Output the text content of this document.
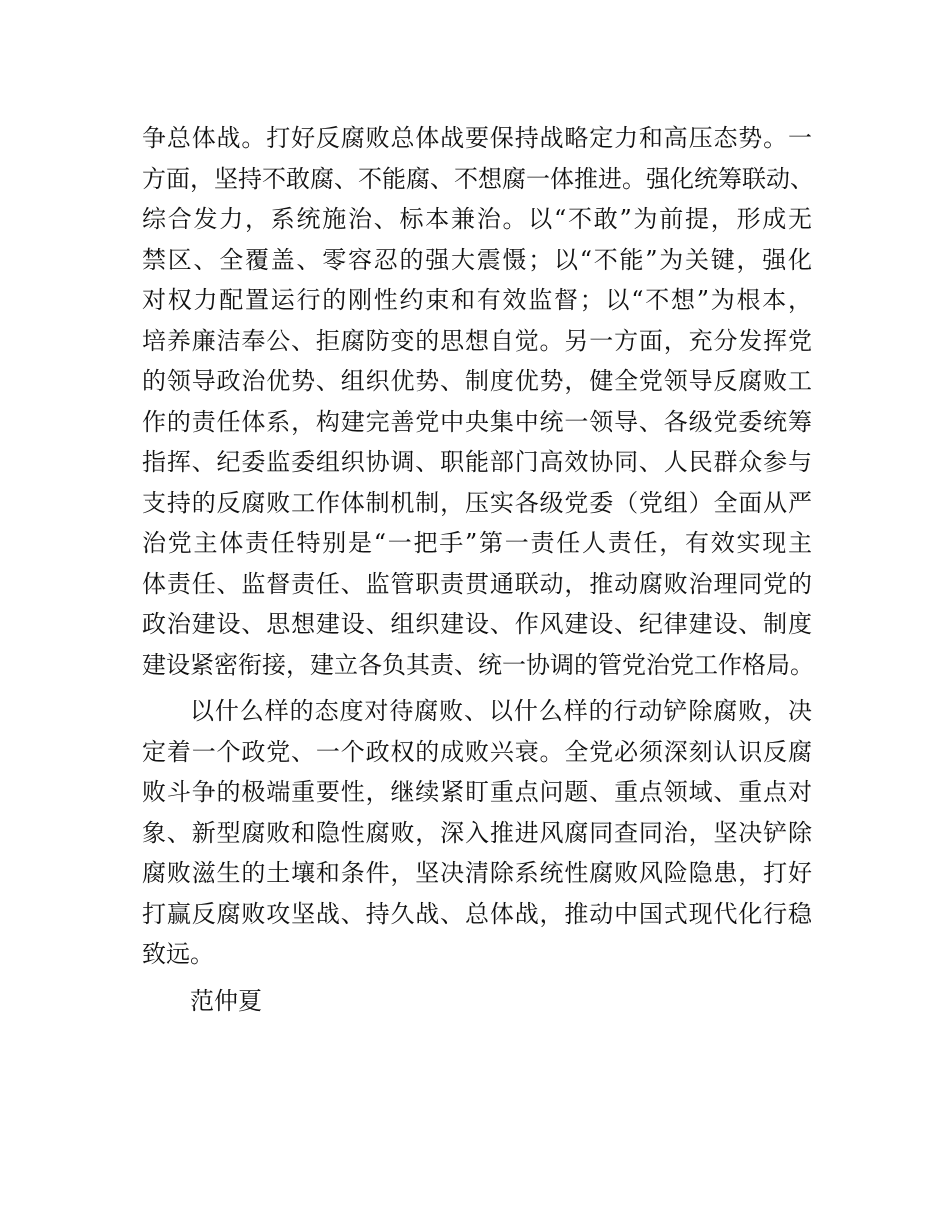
争总体战。打好反腐败总体战要保持战略定力和高压态势。一
方面，坚持不敢腐、不能腐、不想腐一体推进。强化统筹联动、
综合发力，系统施治、标本兼治。以“不敢”为前提，形成无
禁区、全覆盖、零容忍的强大震慑；以“不能”为关键，强化
对权力配置运行的刚性约束和有效监督；以“不想”为根本，
培养廉洁奉公、拒腐防变的思想自觉。另一方面，充分发挥党
的领导政治优势、组织优势、制度优势，健全党领导反腐败工
作的责任体系，构建完善党中央集中统一领导、各级党委统筹
指挥、纪委监委组织协调、职能部门高效协同、人民群众参与
支持的反腐败工作体制机制，压实各级党委（党组）全面从严
治党主体责任特别是“一把手”第一责任人责任，有效实现主
体责任、监督责任、监管职责贯通联动，推动腐败治理同党的
政治建设、思想建设、组织建设、作风建设、纪律建设、制度
建设紧密衔接，建立各负其责、统一协调的管党治党工作格局。
以什么样的态度对待腐败、以什么样的行动铲除腐败，决
定着一个政党、一个政权的成败兴衰。全党必须深刻认识反腐
败斗争的极端重要性，继续紧盯重点问题、重点领域、重点对
象、新型腐败和隐性腐败，深入推进风腐同查同治，坚决铲除
腐败滋生的土壤和条件，坚决清除系统性腐败风险隐患，打好
打赢反腐败攻坚战、持久战、总体战，推动中国式现代化行稳
致远。
范仲夏
